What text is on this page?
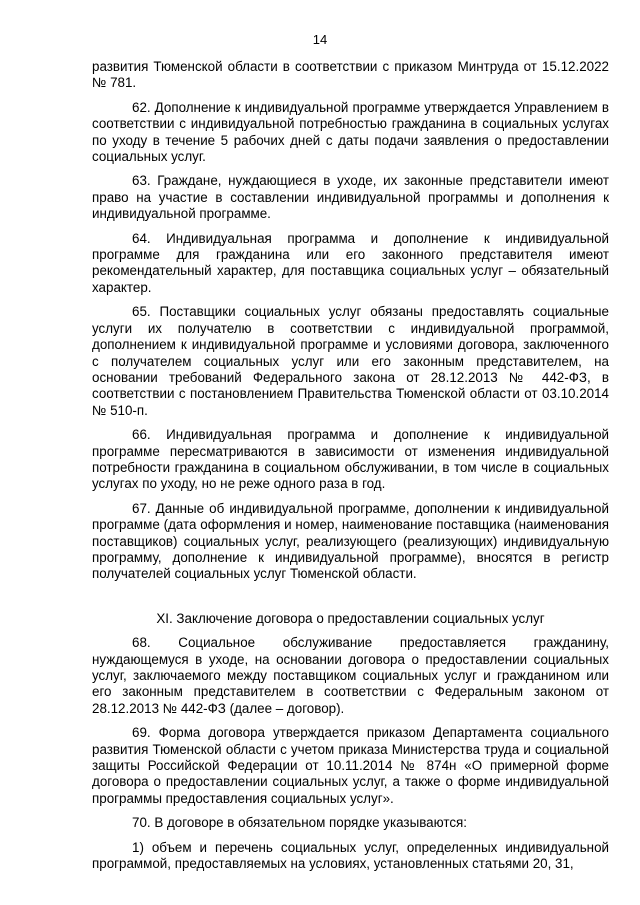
14

развития Тюменской области в соответствии с приказом Минтруда от 15.12.2022 № 781.

62. Дополнение к индивидуальной программе утверждается Управлением в соответствии с индивидуальной потребностью гражданина в социальных услугах по уходу в течение 5 рабочих дней с даты подачи заявления о предоставлении социальных услуг.

63. Граждане, нуждающиеся в уходе, их законные представители имеют право на участие в составлении индивидуальной программы и дополнения к индивидуальной программе.

64. Индивидуальная программа и дополнение к индивидуальной программе для гражданина или его законного представителя имеют рекомендательный характер, для поставщика социальных услуг – обязательный характер.

65. Поставщики социальных услуг обязаны предоставлять социальные услуги их получателю в соответствии с индивидуальной программой, дополнением к индивидуальной программе и условиями договора, заключенного с получателем социальных услуг или его законным представителем, на основании требований Федерального закона от 28.12.2013 № 442-ФЗ, в соответствии с постановлением Правительства Тюменской области от 03.10.2014 № 510-п.

66. Индивидуальная программа и дополнение к индивидуальной программе пересматриваются в зависимости от изменения индивидуальной потребности гражданина в социальном обслуживании, в том числе в социальных услугах по уходу, но не реже одного раза в год.

67. Данные об индивидуальной программе, дополнении к индивидуальной программе (дата оформления и номер, наименование поставщика (наименования поставщиков) социальных услуг, реализующего (реализующих) индивидуальную программу, дополнение к индивидуальной программе), вносятся в регистр получателей социальных услуг Тюменской области.

XI. Заключение договора о предоставлении социальных услуг

68. Социальное обслуживание предоставляется гражданину, нуждающемуся в уходе, на основании договора о предоставлении социальных услуг, заключаемого между поставщиком социальных услуг и гражданином или его законным представителем в соответствии с Федеральным законом от 28.12.2013 № 442-ФЗ (далее – договор).

69. Форма договора утверждается приказом Департамента социального развития Тюменской области с учетом приказа Министерства труда и социальной защиты Российской Федерации от 10.11.2014 № 874н «О примерной форме договора о предоставлении социальных услуг, а также о форме индивидуальной программы предоставления социальных услуг».

70. В договоре в обязательном порядке указываются:

1) объем и перечень социальных услуг, определенных индивидуальной программой, предоставляемых на условиях, установленных статьями 20, 31,
